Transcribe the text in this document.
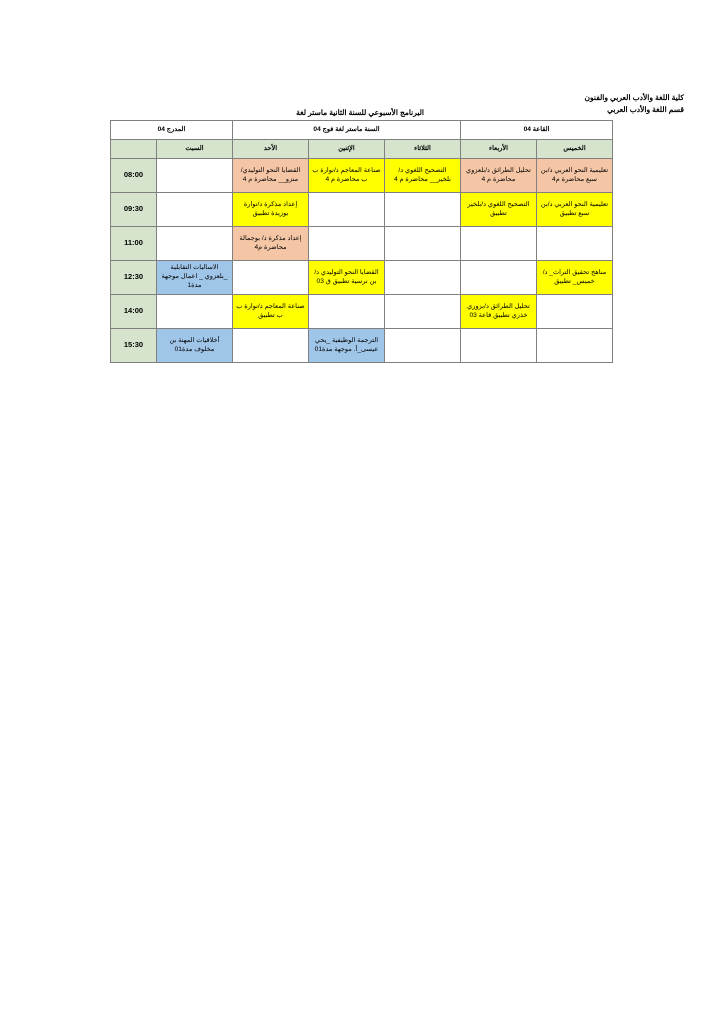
كلية اللغة والأدب العربي والفنون
قسم اللغة والأدب العربي
البرنامج الأسبوعي للسنة الثانية ماستر لغة
القاعة 04		السنة ماستر لغة فوج 04			المدرج 04	
الخميس	الأربعاء	الثلاثاء	الإثنين	الأحد	السبت	
تعليمية النحو العربي د/بن سبع محاضرة م4	تحليل الطرائق د/بلعزوي محاضرة م 4	التصحيح اللغوي د/ بلخير__ محاضرة م 4	صناعة المعاجم د/نوارة ب ب محاضرة م 4	القضايا النحو التوليدي/ منزو__ محاضرة م 4		08:00
تعليمية النحو العربي د/بن سبع تطبيق	التصحيح اللغوي د/بلخير تطبيق			إعداد مذكرة د/نوارة بوزيدة تطبيق		09:30
				إعداد مذكرة د/ بوجمالة محاضرة م4		11:00
مناهج تحقيق التراث_ د/ خميس_ تطبيق			القضايا النحو التوليدي د/بن نرسية تطبيق ق 03		الاساليات التقابلية _بلعزوي _ اعمال موجهة مدة1	12:30
	تحليل الطرائق د/بزوري خذري تطبيق قاعة 03			صناعة المعاجم د/نوارة ب ب تطبيق		14:00
			الترجمة الوظيفية _يحي عيسى_أ. موجهة مدة01		أخلاقيات المهنة بن مخلوف مدة01	15:30
